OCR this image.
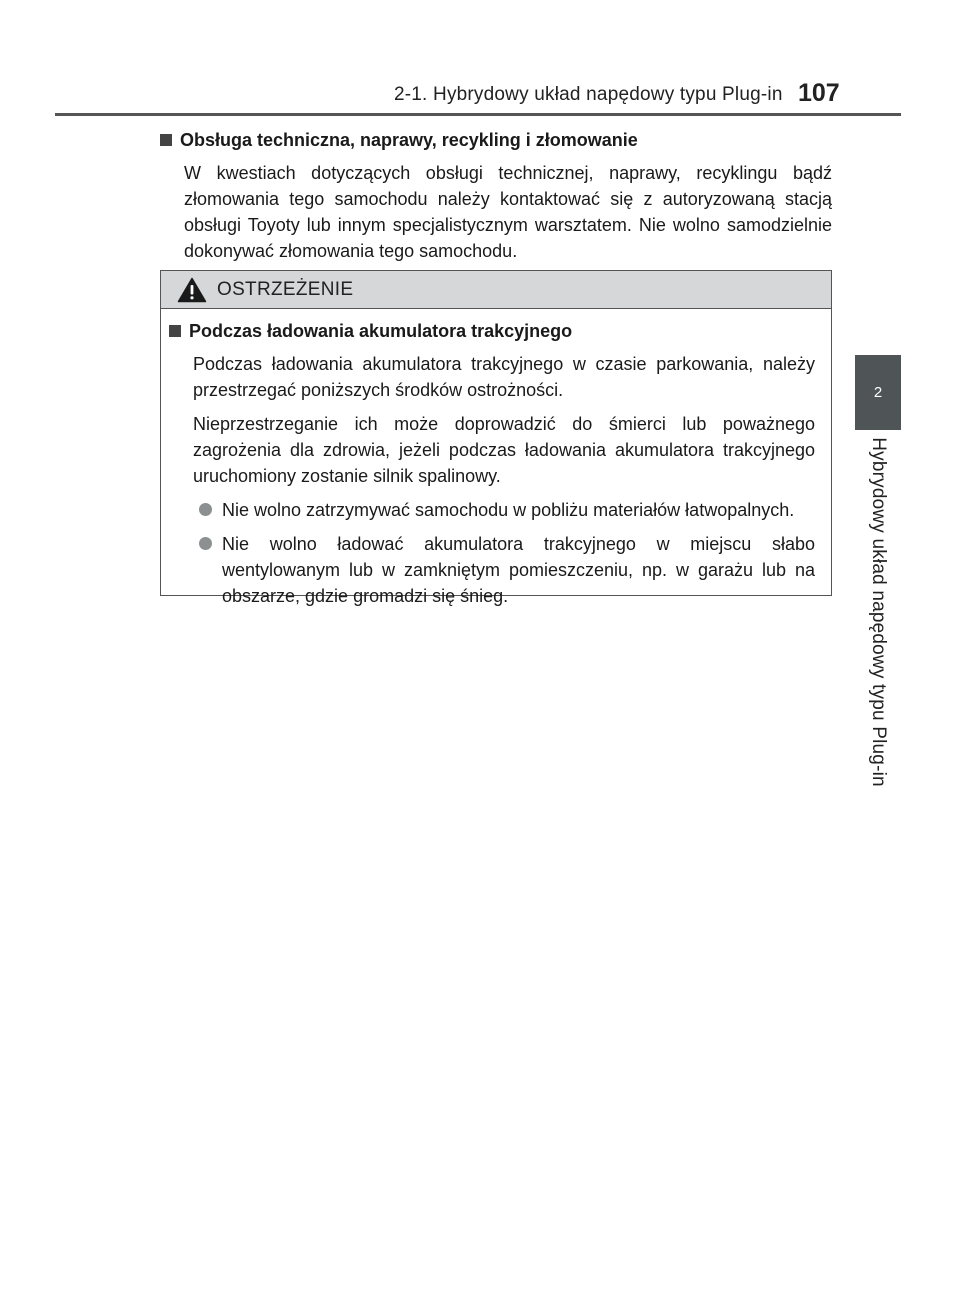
2-1. Hybrydowy układ napędowy typu Plug-in 107
2
Hybrydowy układ napędowy typu Plug-in
Obsługa techniczna, naprawy, recykling i złomowanie
W kwestiach dotyczących obsługi technicznej, naprawy, recyklingu bądź złomowania tego samochodu należy kontaktować się z autoryzowaną stacją obsługi Toyoty lub innym specjalistycznym warsztatem. Nie wolno samodzielnie dokonywać złomowania tego samochodu.
OSTRZEŻENIE
Podczas ładowania akumulatora trakcyjnego
Podczas ładowania akumulatora trakcyjnego w czasie parkowania, należy przestrzegać poniższych środków ostrożności.
Nieprzestrzeganie ich może doprowadzić do śmierci lub poważnego zagrożenia dla zdrowia, jeżeli podczas ładowania akumulatora trakcyjnego uruchomiony zostanie silnik spalinowy.
Nie wolno zatrzymywać samochodu w pobliżu materiałów łatwopalnych.
Nie wolno ładować akumulatora trakcyjnego w miejscu słabo wentylowanym lub w zamkniętym pomieszczeniu, np. w garażu lub na obszarze, gdzie gromadzi się śnieg.
